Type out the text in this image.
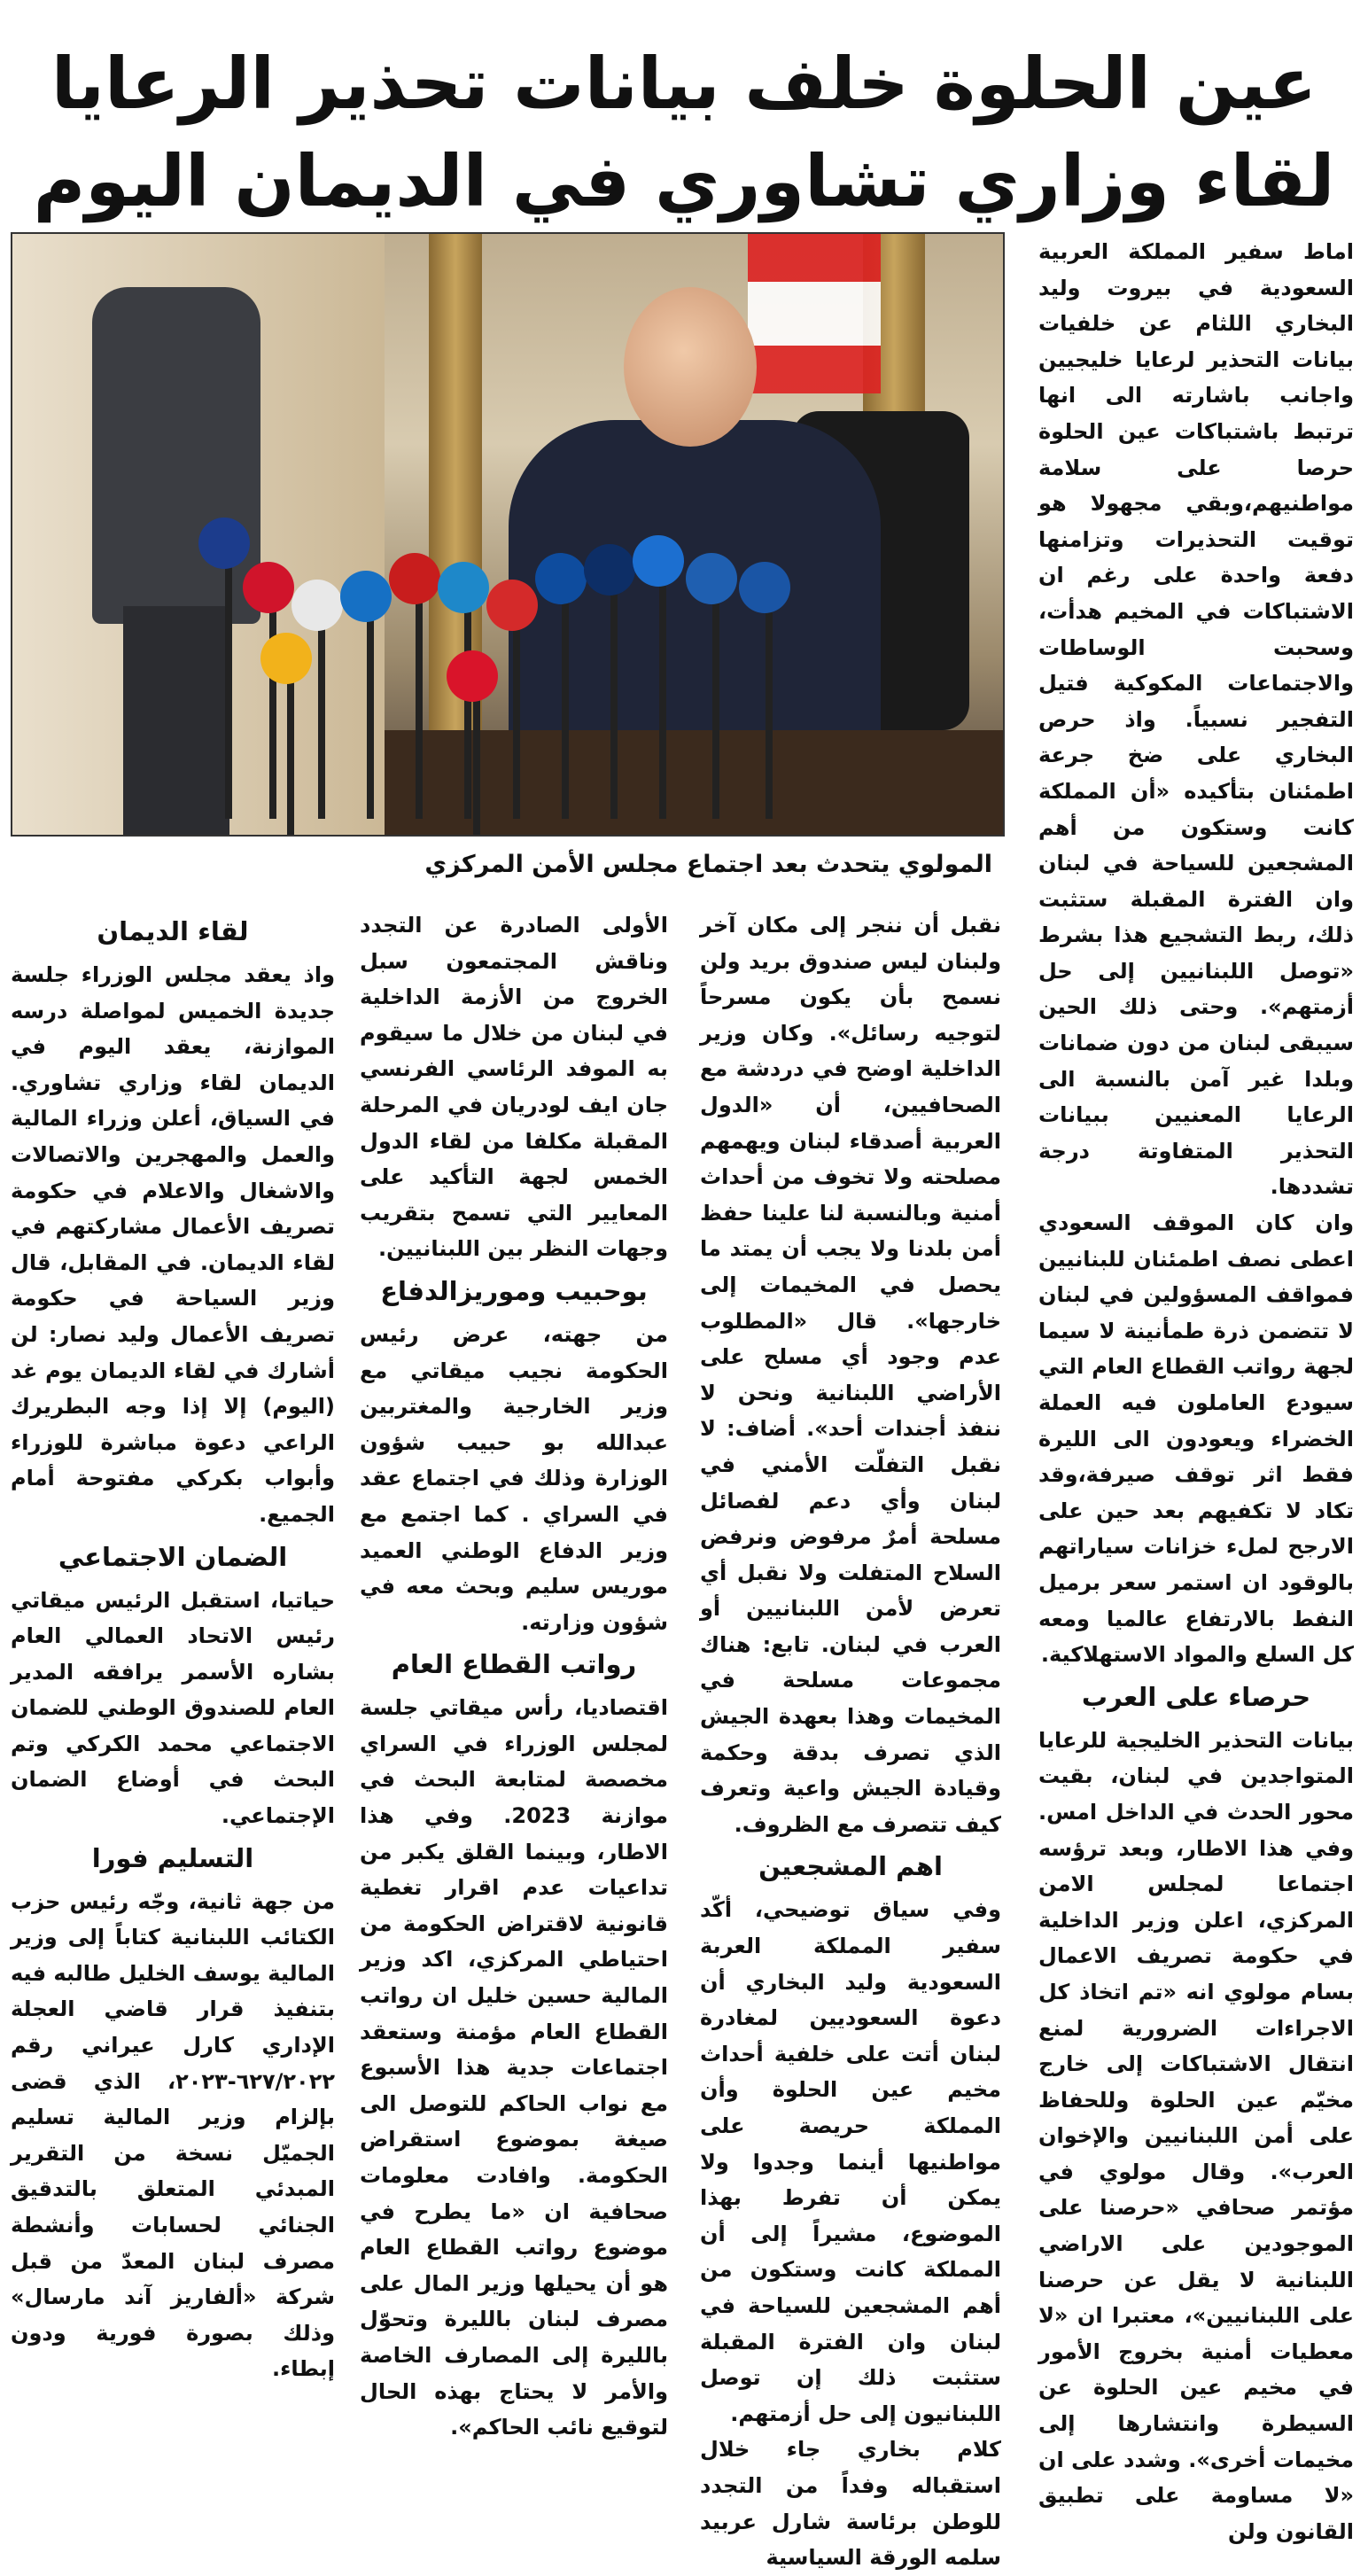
عين الحلوة خلف بيانات تحذير الرعايا
لقاء وزاري تشاوري في الديمان اليوم
المولوي يتحدث بعد اجتماع مجلس الأمن المركزي

اماط سفير المملكة العربية السعودية في بيروت وليد البخاري اللثام عن خلفيات بيانات التحذير لرعايا خليجيين واجانب باشارته الى انها ترتبط باشتباكات عين الحلوة حرصا على سلامة مواطنيهم،وبقي مجهولا هو توقيت التحذيرات وتزامنها دفعة واحدة على رغم ان الاشتباكات في المخيم هدأت، وسحبت الوساطات والاجتماعات المكوكية فتيل التفجير نسبياً. واذ حرص البخاري على ضخ جرعة اطمئنان بتأكيده «أن المملكة كانت وستكون من أهم المشجعين للسياحة في لبنان وان الفترة المقبلة ستثبت ذلك، ربط التشجيع هذا بشرط «توصل اللبنانيين إلى حل أزمتهم». وحتى ذلك الحين سيبقى لبنان من دون ضمانات وبلدا غير آمن بالنسبة الى الرعايا المعنيين ببيانات التحذير المتفاوتة درجة تشددها.

وان كان الموقف السعودي اعطى نصف اطمئنان للبنانيين فمواقف المسؤولين في لبنان لا تتضمن ذرة طمأنينة لا سيما لجهة رواتب القطاع العام التي سيودع العاملون فيه العملة الخضراء ويعودون الى الليرة فقط اثر توقف صيرفة،وقد تكاد لا تكفيهم بعد حين على الارجح لملء خزانات سياراتهم بالوقود ان استمر سعر برميل النفط بالارتفاع عالميا ومعه كل السلع والمواد الاستهلاكية.

حرصاء على العرب

بيانات التحذير الخليجية للرعايا المتواجدين في لبنان، بقيت محور الحدث في الداخل امس. وفي هذا الاطار، وبعد ترؤسه اجتماعا لمجلس الامن المركزي، اعلن وزير الداخلية في حكومة تصريف الاعمال بسام مولوي انه «تم اتخاذ كل الاجراءات الضرورية لمنع انتقال الاشتباكات إلى خارج مخيّم عين الحلوة وللحفاظ على أمن اللبنانيين والإخوان العرب». وقال مولوي في مؤتمر صحافي «حرصنا على الموجودين على الاراضي اللبنانية لا يقل عن حرصنا على اللبنانيين»، معتبرا ان «لا معطيات أمنية بخروج الأمور في مخيم عين الحلوة عن السيطرة وانتشارها إلى مخيمات أخرى». وشدد على ان «لا مساومة على تطبيق القانون ولن

نقبل أن ننجر إلى مكان آخر ولبنان ليس صندوق بريد ولن نسمح بأن يكون مسرحاً لتوجيه رسائل». وكان وزير الداخلية اوضح في دردشة مع الصحافيين، أن «الدول العربية أصدقاء لبنان ويهمهم مصلحته ولا تخوف من أحداث أمنية وبالنسبة لنا علينا حفظ أمن بلدنا ولا يجب أن يمتد ما يحصل في المخيمات إلى خارجها». قال «المطلوب عدم وجود أي مسلح على الأراضي اللبنانية ونحن لا ننفذ أجندات أحد». أضاف: لا نقبل التفلّت الأمني في لبنان وأي دعم لفصائل مسلحة أمرٌ مرفوض ونرفض السلاح المتفلت ولا نقبل أي تعرض لأمن اللبنانيين أو العرب في لبنان. تابع: هناك مجموعات مسلحة في المخيمات وهذا بعهدة الجيش الذي تصرف بدقة وحكمة وقيادة الجيش واعية وتعرف كيف تتصرف مع الظروف.

اهم المشجعين

وفي سياق توضيحي، أكّد سفير المملكة العربة السعودية وليد البخاري أن دعوة السعوديين لمغادرة لبنان أتت على خلفية أحداث مخيم عين الحلوة وأن المملكة حريصة على مواطنيها أينما وجدوا ولا يمكن أن تفرط بهذا الموضوع، مشيراً إلى أن المملكة كانت وستكون من أهم المشجعين للسياحة في لبنان وان الفترة المقبلة ستثبت ذلك إن توصل اللبنانيون إلى حل أزمتهم.

كلام بخاري جاء خلال استقباله وفداً من التجدد للوطن برئاسة شارل عربيد سلمه الورقة السياسية

الأولى الصادرة عن التجدد وناقش المجتمعون سبل الخروج من الأزمة الداخلية في لبنان من خلال ما سيقوم به الموفد الرئاسي الفرنسي جان ايف لودريان في المرحلة المقبلة مكلفا من لقاء الدول الخمس لجهة التأكيد على المعايير التي تسمح بتقريب وجهات النظر بين اللبنانيين.

بوحبيب وموريزالدفاع

من جهته، عرض رئيس الحكومة نجيب ميقاتي مع وزير الخارجية والمغتربين عبدالله بو حبيب شؤون الوزارة وذلك في اجتماع عقد في السراي . كما اجتمع مع وزير الدفاع الوطني العميد موريس سليم وبحث معه في شؤون وزارته.

رواتب القطاع العام

اقتصاديا، رأس ميقاتي جلسة لمجلس الوزراء في السراي مخصصة لمتابعة البحث في موازنة 2023. وفي هذا الاطار، وبينما القلق يكبر من تداعيات عدم اقرار تغطية قانونية لاقتراض الحكومة من احتياطي المركزي، اكد وزير المالية حسين خليل ان رواتب القطاع العام مؤمنة وستعقد اجتماعات جدية هذا الأسبوع مع نواب الحاكم للتوصل الى صيغة بموضوع استقراض الحكومة. وافادت معلومات صحافية ان «ما يطرح في موضوع رواتب القطاع العام هو أن يحيلها وزير المال على مصرف لبنان بالليرة وتحوّل بالليرة إلى المصارف الخاصة والأمر لا يحتاج بهذه الحال لتوقيع نائب الحاكم».

لقاء الديمان

واذ يعقد مجلس الوزراء جلسة جديدة الخميس لمواصلة درسه الموازنة، يعقد اليوم في الديمان لقاء وزاري تشاوري. في السياق، أعلن وزراء المالية والعمل والمهجرين والاتصالات والاشغال والاعلام في حكومة تصريف الأعمال مشاركتهم في لقاء الديمان. في المقابل، قال وزير السياحة في حكومة تصريف الأعمال وليد نصار: لن أشارك في لقاء الديمان يوم غد (اليوم) إلا إذا وجه البطريرك الراعي دعوة مباشرة للوزراء وأبواب بكركي مفتوحة أمام الجميع.

الضمان الاجتماعي

حياتيا، استقبل الرئيس ميقاتي رئيس الاتحاد العمالي العام بشاره الأسمر يرافقه المدير العام للصندوق الوطني للضمان الاجتماعي محمد الكركي وتم البحث في أوضاع الضمان الإجتماعي.

التسليم فورا

من جهة ثانية، وجّه رئيس حزب الكتائب اللبنانية كتاباً إلى وزير المالية يوسف الخليل طالبه فيه بتنفيذ قرار قاضي العجلة الإداري كارل عيراني رقم ٦٢٧/٢٠٢٢-٢٠٢٣، الذي قضى بإلزام وزير المالية تسليم الجميّل نسخة من التقرير المبدئي المتعلق بالتدقيق الجنائي لحسابات وأنشطة مصرف لبنان المعدّ من قبل شركة «ألفاريز آند مارسال» وذلك بصورة فورية ودون إبطاء.
